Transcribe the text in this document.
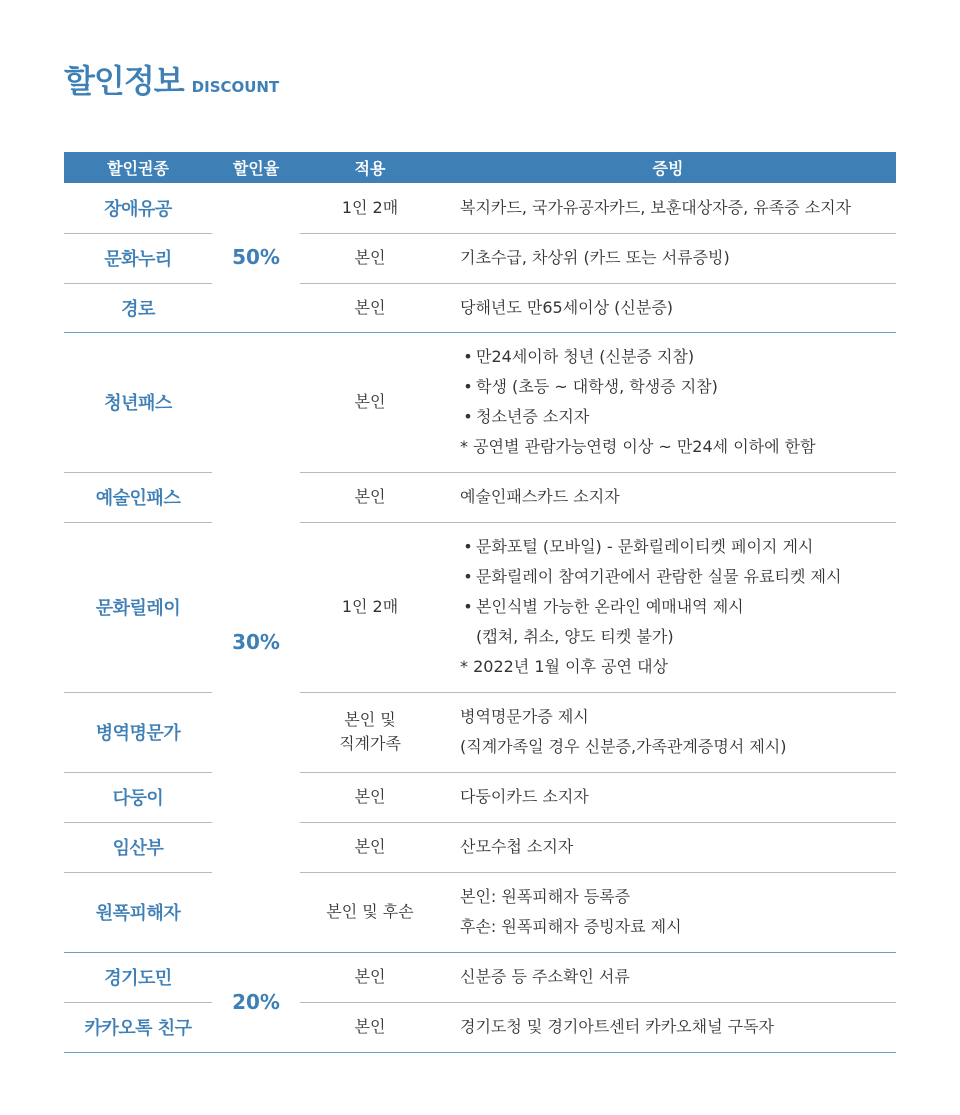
할인정보 DISCOUNT
할인권종	할인율	적용	증빙
장애유공	50%	1인 2매	복지카드, 국가유공자카드, 보훈대상자증, 유족증 소지자

문화누리		본인	기초수급, 차상위 (카드 또는 서류증빙)

경로		본인	당해년도 만65세이상 (신분증)

청년패스	30%	본인	• 만24세이하 청년 (신분증 지참)
• 학생 (초등 ~ 대학생, 학생증 지참)
• 청소년증 소지자
* 공연별 관람가능연령 이상 ~ 만24세 이하에 한함

예술인패스		본인	예술인패스카드 소지자

문화릴레이		1인 2매	• 문화포털 (모바일) - 문화릴레이티켓 페이지 게시
• 문화릴레이 참여기관에서 관람한 실물 유료티켓 제시
• 본인식별 가능한 온라인 예매내역 제시
(캡쳐, 취소, 양도 티켓 불가)
* 2022년 1월 이후 공연 대상

병역명문가		본인 및
직계가족	병역명문가증 제시
(직계가족일 경우 신분증,가족관계증명서 제시)

다둥이		본인	다둥이카드 소지자

임산부		본인	산모수첩 소지자

원폭피해자		본인 및 후손	본인: 원폭피해자 등록증
후손: 원폭피해자 증빙자료 제시

경기도민	20%	본인	신분증 등 주소확인 서류

카카오톡 친구		본인	경기도청 및 경기아트센터 카카오채널 구독자
